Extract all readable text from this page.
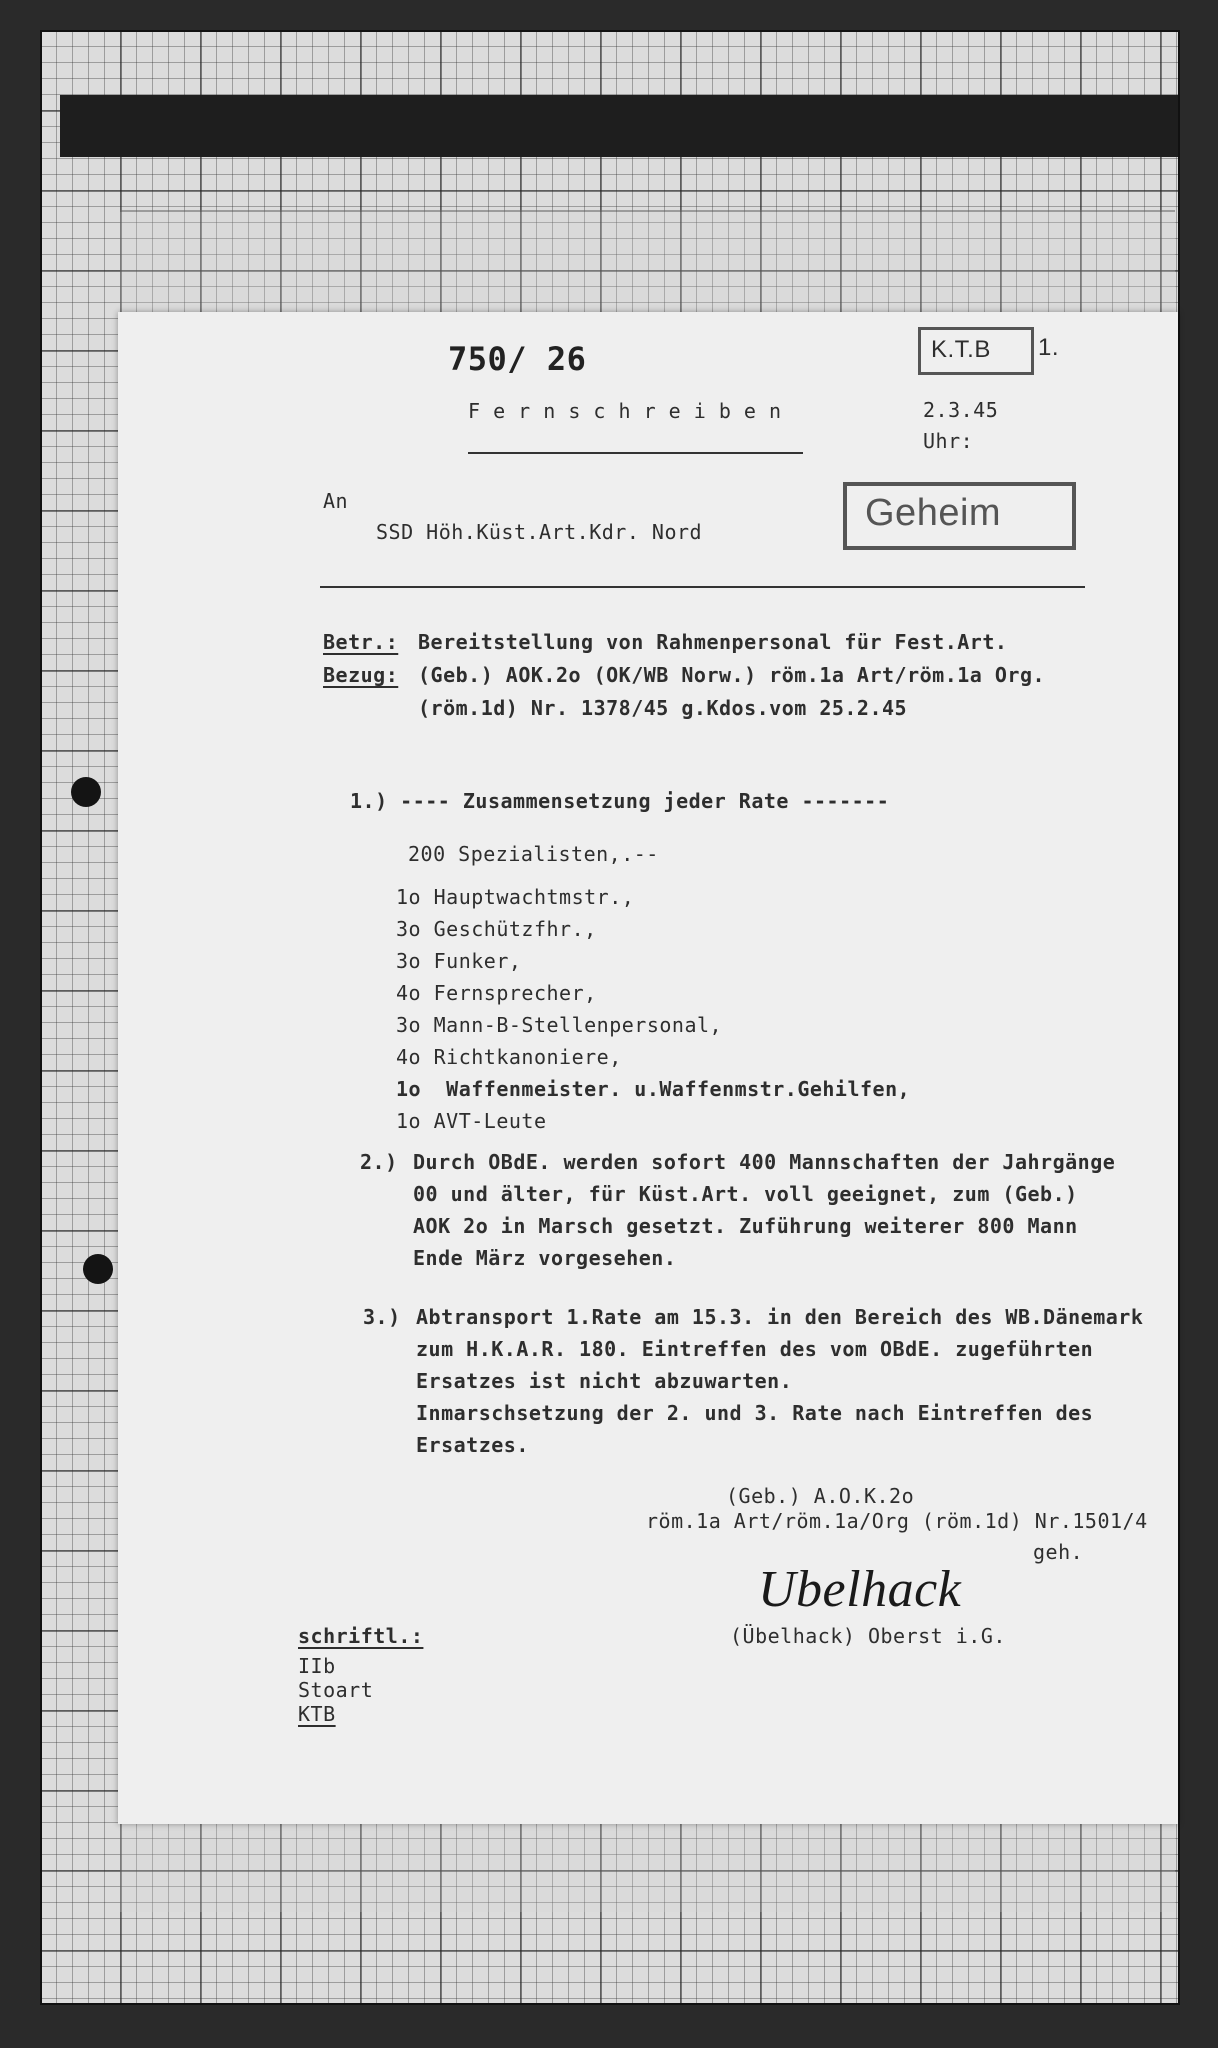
750/ 26	K.T.B 1.
F e r n s c h r e i b e n	2.3.45
Uhr:
An
SSD Höh.Küst.Art.Kdr. Nord	Geheim
Betr.: Bereitstellung von Rahmenpersonal für Fest.Art.
Bezug: (Geb.) AOK.2o (OK/WB Norw.) röm.1a Art/röm.1a Org.
(röm.1d) Nr. 1378/45 g.Kdos.vom 25.2.45
1.) ---- Zusammensetzung jeder Rate -------
200 Spezialisten,.--
1o Hauptwachtmstr.,
3o Geschützfhr.,
3o Funker,
4o Fernsprecher,
3o Mann-B-Stellenpersonal,
4o Richtkanoniere,
1o  Waffenmeister. u.Waffenmstr.Gehilfen,
1o AVT-Leute
2.) Durch OBdE. werden sofort 400 Mannschaften der Jahrgänge
00 und älter, für Küst.Art. voll geeignet, zum (Geb.)
AOK 2o in Marsch gesetzt. Zuführung weiterer 800 Mann
Ende März vorgesehen.
3.) Abtransport 1.Rate am 15.3. in den Bereich des WB.Dänemark
zum H.K.A.R. 180. Eintreffen des vom OBdE. zugeführten
Ersatzes ist nicht abzuwarten.
Inmarschsetzung der 2. und 3. Rate nach Eintreffen des
Ersatzes.
(Geb.) A.O.K.2o
röm.1a Art/röm.1a/Org (röm.1d) Nr.1501/4
geh.
Ubelhack
(Übelhack) Oberst i.G.
schriftl.:
IIb
Stoart
KTB
